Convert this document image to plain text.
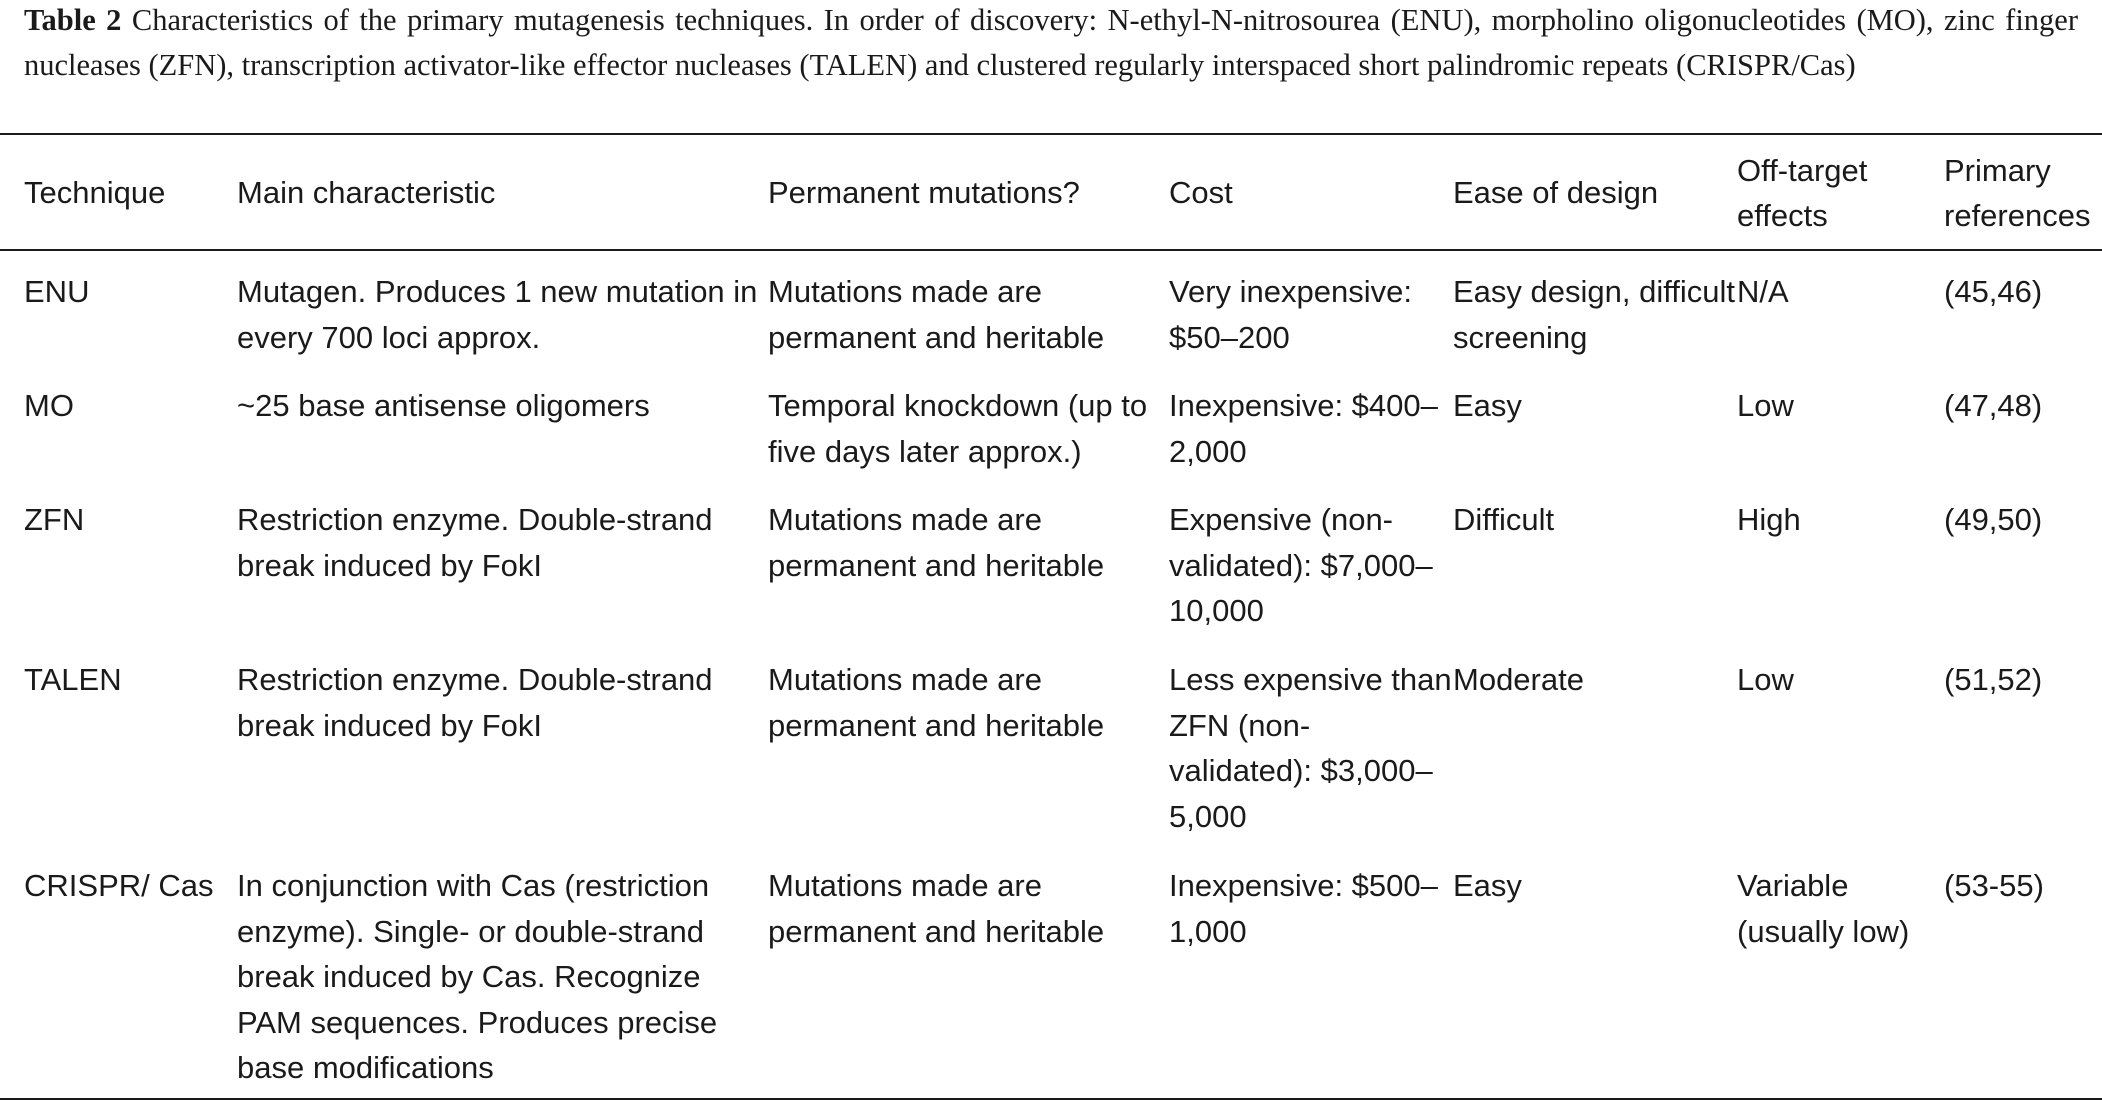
Table 2 Characteristics of the primary mutagenesis techniques. In order of discovery: N-ethyl-N-nitrosourea (ENU), morpholino oligonucleotides (MO), zinc finger nucleases (ZFN), transcription activator-like effector nucleases (TALEN) and clustered regularly interspaced short palindromic repeats (CRISPR/Cas)
Technique	Main characteristic	Permanent mutations?	Cost	Ease of design	Off-target effects	Primary references
ENU	Mutagen. Produces 1 new mutation in every 700 loci approx.	Mutations made are permanent and heritable	Very inexpensive: $50–200	Easy design, difficult screening	N/A	(45,46)
MO	~25 base antisense oligomers	Temporal knockdown (up to five days later approx.)	Inexpensive: $400–2,000	Easy	Low	(47,48)
ZFN	Restriction enzyme. Double-strand break induced by FokI	Mutations made are permanent and heritable	Expensive (non-validated): $7,000–10,000	Difficult	High	(49,50)
TALEN	Restriction enzyme. Double-strand break induced by FokI	Mutations made are permanent and heritable	Less expensive than ZFN (non-validated): $3,000–5,000	Moderate	Low	(51,52)
CRISPR/ Cas	In conjunction with Cas (restriction enzyme). Single- or double-strand break induced by Cas. Recognize PAM sequences. Produces precise base modifications	Mutations made are permanent and heritable	Inexpensive: $500–1,000	Easy	Variable (usually low)	(53-55)
